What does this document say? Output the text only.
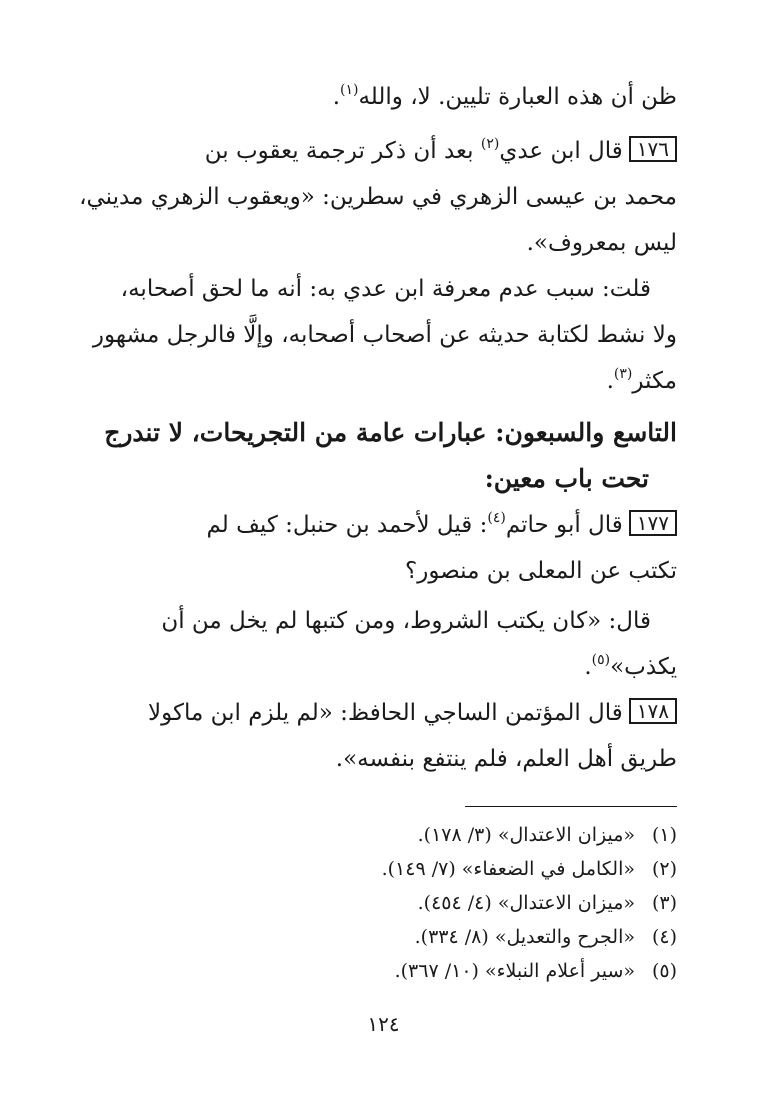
ظن أن هذه العبارة تليين. لا، والله$^{(١)}$.
١٧٦قال ابن عدي$^{(٢)}$ بعد أن ذكر ترجمة يعقوب بن
محمد بن عيسى الزهري في سطرين: «ويعقوب الزهري مديني،
ليس بمعروف».
قلت: سبب عدم معرفة ابن عدي به: أنه ما لحق أصحابه،
ولا نشط لكتابة حديثه عن أصحاب أصحابه، وإلَّا فالرجل مشهور
مكثر$^{(٣)}$.
التاسع والسبعون: عبارات عامة من التجريحات، لا تندرج
تحت باب معين:
١٧٧قال أبو حاتم$^{(٤)}$: قيل لأحمد بن حنبل: كيف لم
تكتب عن المعلى بن منصور؟
قال: «كان يكتب الشروط، ومن كتبها لم يخل من أن
يكذب»$^{(٥)}$.
١٧٨قال المؤتمن الساجي الحافظ: «لم يلزم ابن ماكولا
طريق أهل العلم، فلم ينتفع بنفسه».
(١)«ميزان الاعتدال» (٣/ ١٧٨).
(٢)«الكامل في الضعفاء» (٧/ ١٤٩).
(٣)«ميزان الاعتدال» (٤/ ٤٥٤).
(٤)«الجرح والتعديل» (٨/ ٣٣٤).
(٥)«سير أعلام النبلاء» (١٠/ ٣٦٧).
١٢٤
